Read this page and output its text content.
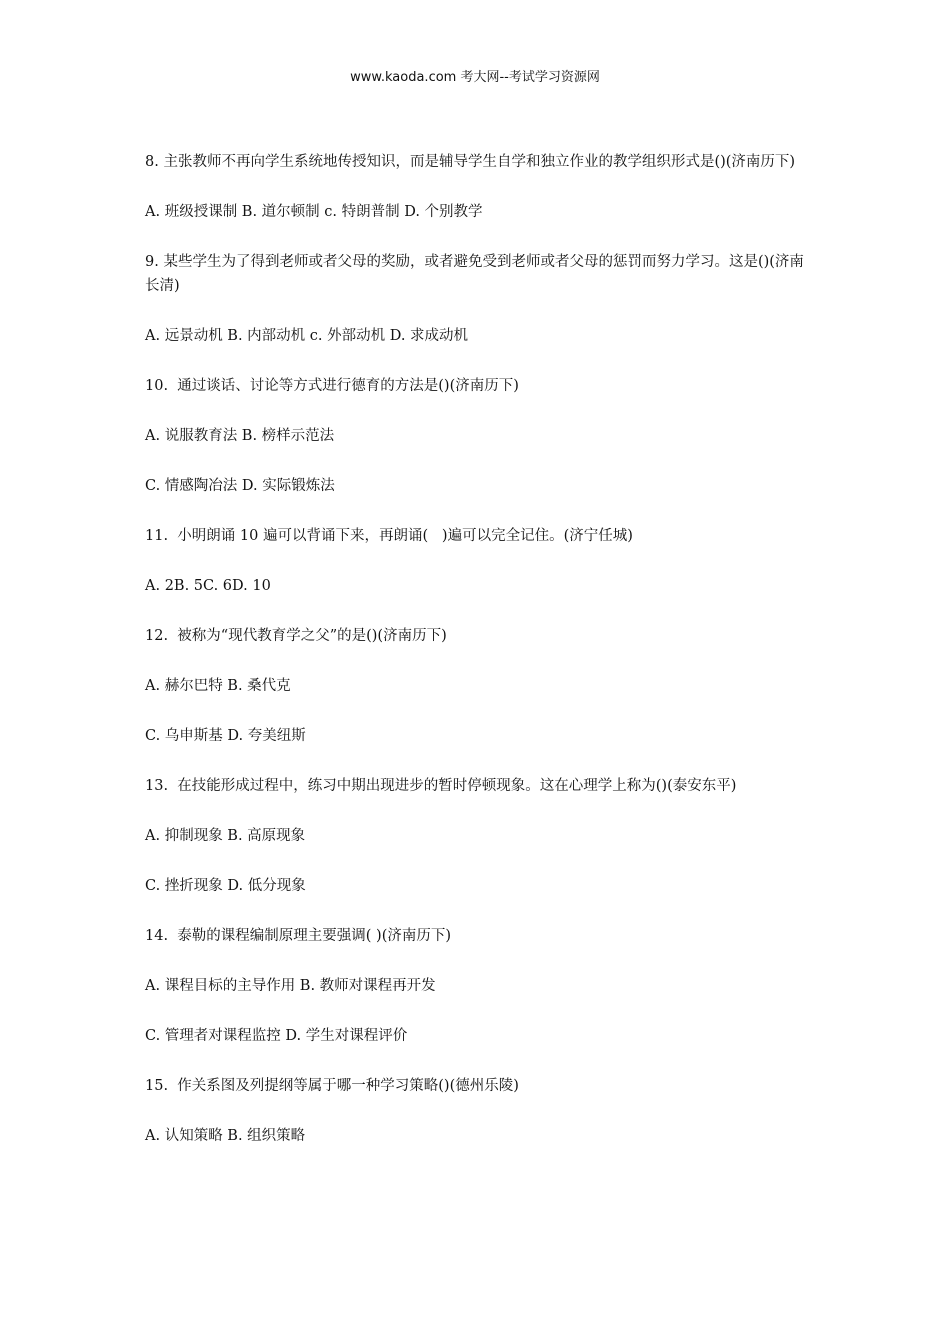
www.kaoda.com 考大网--考试学习资源网

8. 主张教师不再向学生系统地传授知识，而是辅导学生自学和独立作业的教学组织形式是()(济南历下)

A. 班级授课制 B. 道尔顿制 c. 特朗普制 D. 个别教学

9. 某些学生为了得到老师或者父母的奖励，或者避免受到老师或者父母的惩罚而努力学习。这是()(济南长清)

A. 远景动机 B. 内部动机 c. 外部动机 D. 求成动机

10.  通过谈话、讨论等方式进行德育的方法是()(济南历下)

A. 说服教育法 B. 榜样示范法

C. 情感陶冶法 D. 实际锻炼法

11.  小明朗诵 10 遍可以背诵下来，再朗诵(   )遍可以完全记住。(济宁任城)

A. 2B. 5C. 6D. 10

12.  被称为“现代教育学之父”的是()(济南历下)

A. 赫尔巴特 B. 桑代克

C. 乌申斯基 D. 夸美纽斯

13.  在技能形成过程中，练习中期出现进步的暂时停顿现象。这在心理学上称为()(泰安东平)

A. 抑制现象 B. 高原现象

C. 挫折现象 D. 低分现象

14.  泰勒的课程编制原理主要强调( )(济南历下)

A. 课程目标的主导作用 B. 教师对课程再开发

C. 管理者对课程监控 D. 学生对课程评价

15.  作关系图及列提纲等属于哪一种学习策略()(德州乐陵)

A. 认知策略 B. 组织策略
